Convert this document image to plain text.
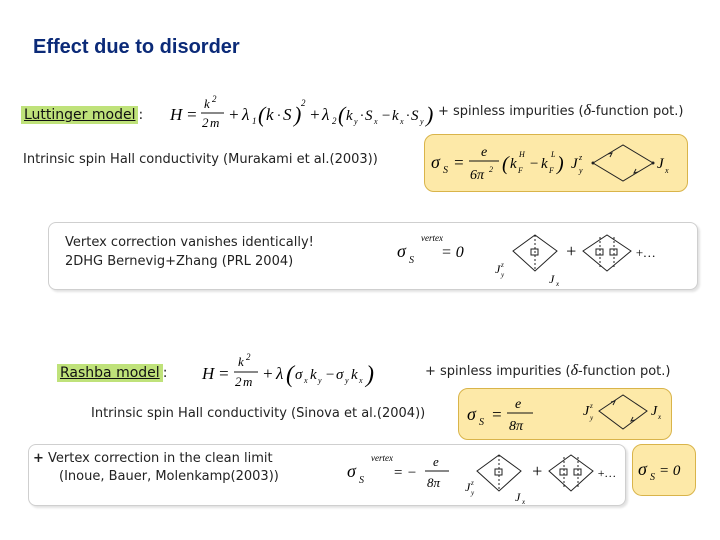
Effect due to disorder
Luttinger model : H =
k 2
2 m + λ 1 ( k · S ) 2
+ λ 2 ( k y · S x − k x · S y ) + spinless impurities (δ-function pot.)
Intrinsic spin Hall conductivity (Murakami et al.(2003))	σ S =
e
6π 2 ( k F
H
− k F
L ) J y
z	J x
Vertex correction vanishes identically!
2DHG Bernevig+Zhang (PRL 2004)
σ S
vertex
= 0
J y
z
J x
+	+…
Rashba model : H =
k 2
2 m + λ ( σ x k y − σ y k x )	+ spinless impurities (δ-function pot.)
Intrinsic spin Hall conductivity (Sinova et al.(2004)) σ S =
e
8π
J y
z	J x
+ Vertex correction in the clean limit
(Inoue, Bauer, Molenkamp(2003))	σ S
vertex
= −
e
8π J y
z
J x
+	+… σ S = 0
